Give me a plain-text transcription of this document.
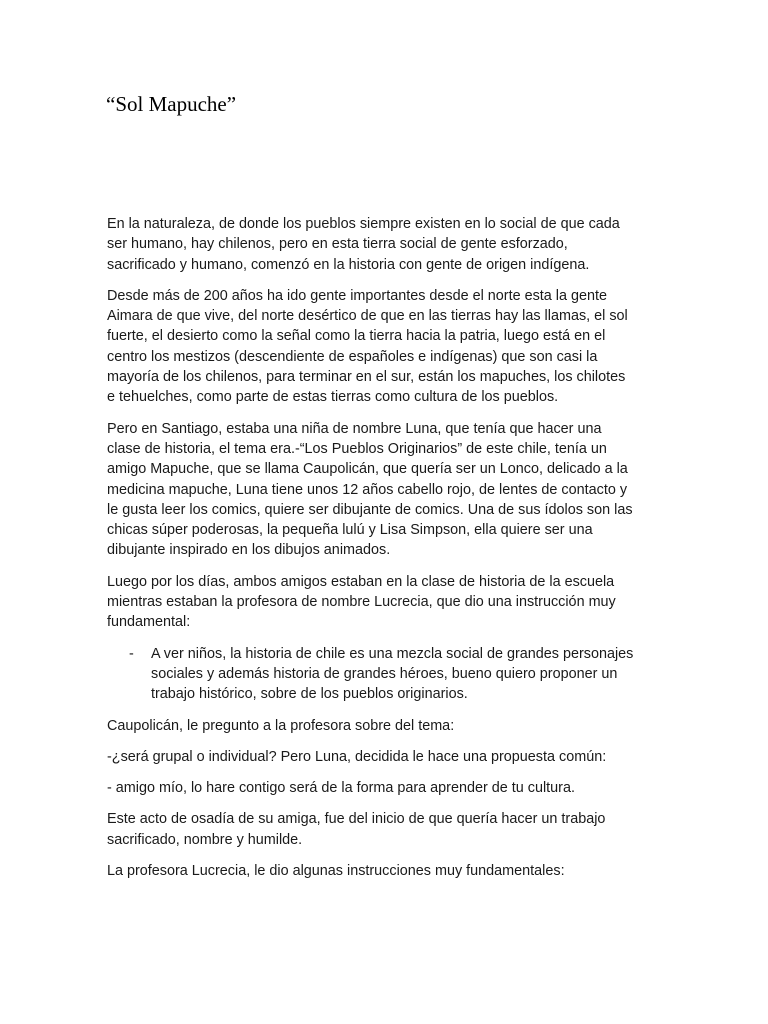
“Sol Mapuche”

En la naturaleza, de donde los pueblos siempre existen en lo social de que cada
ser humano, hay chilenos, pero en esta tierra social de gente esforzado,
sacrificado y humano, comenzó en la historia con gente de origen indígena.

Desde más de 200 años ha ido gente importantes desde el norte esta la gente
Aimara de que vive, del norte desértico de que en las tierras hay las llamas, el sol
fuerte, el desierto como la señal como la tierra hacia la patria, luego está en el
centro los mestizos (descendiente de españoles e indígenas) que son casi la
mayoría de los chilenos, para terminar en el sur, están los mapuches, los chilotes
e tehuelches, como parte de estas tierras como cultura de los pueblos.

Pero en Santiago, estaba una niña de nombre Luna, que tenía que hacer una
clase de historia, el tema era.-“Los Pueblos Originarios” de este chile, tenía un
amigo Mapuche, que se llama Caupolicán, que quería ser un Lonco, delicado a la
medicina mapuche, Luna tiene unos 12 años cabello rojo, de lentes de contacto y
le gusta leer los comics, quiere ser dibujante de comics. Una de sus ídolos son las
chicas súper poderosas, la pequeña lulú y Lisa Simpson, ella quiere ser una
dibujante inspirado en los dibujos animados.

Luego por los días, ambos amigos estaban en la clase de historia de la escuela
mientras estaban la profesora de nombre Lucrecia, que dio una instrucción muy
fundamental:

- A ver niños, la historia de chile es una mezcla social de grandes personajes
sociales y además historia de grandes héroes, bueno quiero proponer un
trabajo histórico, sobre de los pueblos originarios.

Caupolicán, le pregunto a la profesora sobre del tema:

-¿será grupal o individual? Pero Luna, decidida le hace una propuesta común:

- amigo mío, lo hare contigo será de la forma para aprender de tu cultura.

Este acto de osadía de su amiga, fue del inicio de que quería hacer un trabajo
sacrificado, nombre y humilde.

La profesora Lucrecia, le dio algunas instrucciones muy fundamentales:
